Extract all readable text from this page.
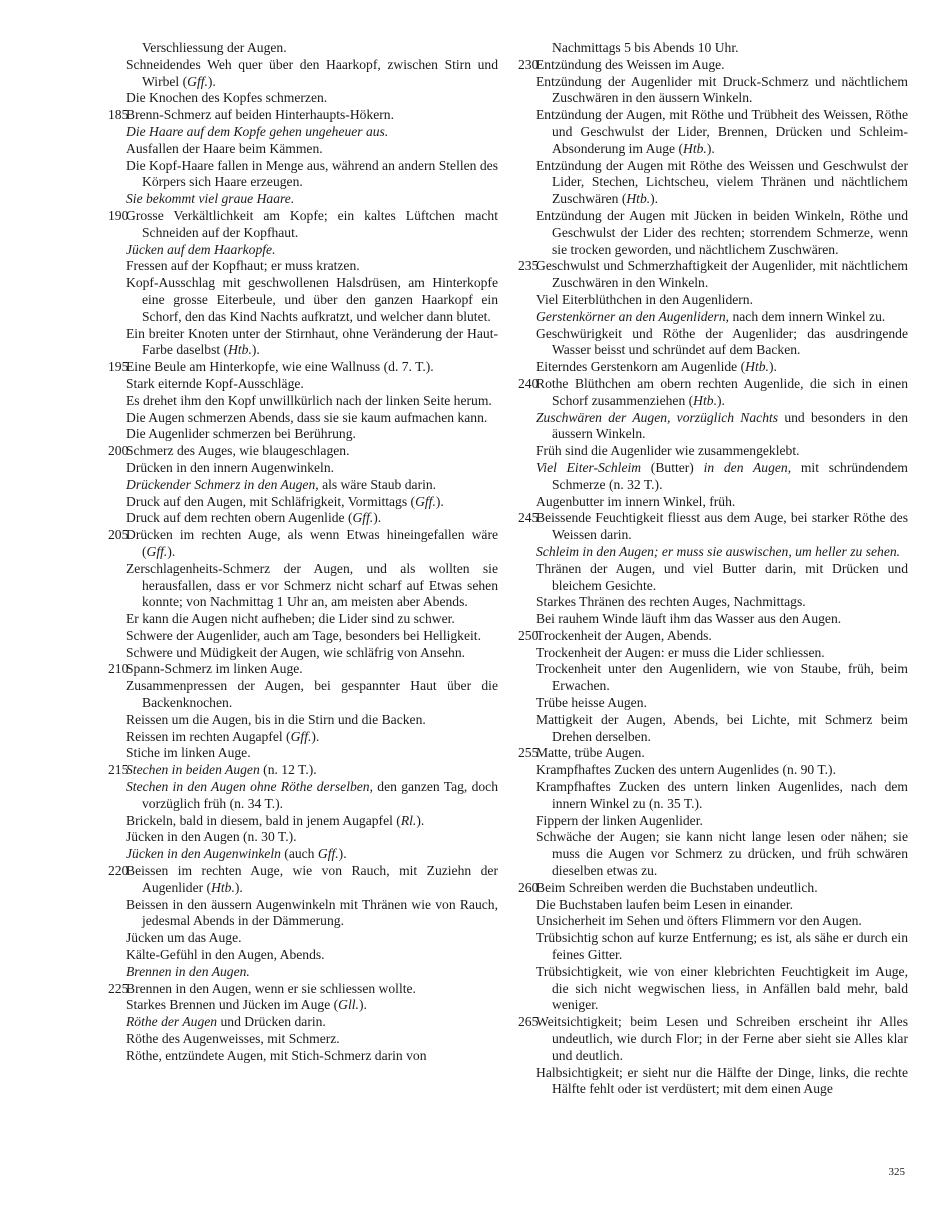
Verschliessung der Augen.
Schneidendes Weh quer über den Haarkopf, zwischen Stirn und Wirbel (Gff.).
Die Knochen des Kopfes schmerzen.
185
Brenn-Schmerz auf beiden Hinterhaupts-Hökern.
Die Haare auf dem Kopfe gehen ungeheuer aus.
Ausfallen der Haare beim Kämmen.
Die Kopf-Haare fallen in Menge aus, während an andern Stellen des Körpers sich Haare erzeugen.
Sie bekommt viel graue Haare.
190
Grosse Verkältlichkeit am Kopfe; ein kaltes Lüftchen macht Schneiden auf der Kopfhaut.
Jücken auf dem Haarkopfe.
Fressen auf der Kopfhaut; er muss kratzen.
Kopf-Ausschlag mit geschwollenen Halsdrüsen, am Hinterkopfe eine grosse Eiterbeule, und über den ganzen Haarkopf ein Schorf, den das Kind Nachts aufkratzt, und welcher dann blutet.
Ein breiter Knoten unter der Stirnhaut, ohne Veränderung der Haut-Farbe daselbst (Htb.).
195
Eine Beule am Hinterkopfe, wie eine Wallnuss (d. 7. T.).
Stark eiternde Kopf-Ausschläge.
Es drehet ihm den Kopf unwillkürlich nach der linken Seite herum.
Die Augen schmerzen Abends, dass sie sie kaum aufmachen kann.
Die Augenlider schmerzen bei Berührung.
200
Schmerz des Auges, wie blaugeschlagen.
Drücken in den innern Augenwinkeln.
Drückender Schmerz in den Augen, als wäre Staub darin.
Druck auf den Augen, mit Schläfrigkeit, Vormittags (Gff.).
Druck auf dem rechten obern Augenlide (Gff.).
205
Drücken im rechten Auge, als wenn Etwas hineingefallen wäre (Gff.).
Zerschlagenheits-Schmerz der Augen, und als wollten sie herausfallen, dass er vor Schmerz nicht scharf auf Etwas sehen konnte; von Nachmittag 1 Uhr an, am meisten aber Abends.
Er kann die Augen nicht aufheben; die Lider sind zu schwer.
Schwere der Augenlider, auch am Tage, besonders bei Helligkeit.
Schwere und Müdigkeit der Augen, wie schläfrig von Ansehn.
210
Spann-Schmerz im linken Auge.
Zusammenpressen der Augen, bei gespannter Haut über die Backenknochen.
Reissen um die Augen, bis in die Stirn und die Backen.
Reissen im rechten Augapfel (Gff.).
Stiche im linken Auge.
215
Stechen in beiden Augen (n. 12 T.).
Stechen in den Augen ohne Röthe derselben, den ganzen Tag, doch vorzüglich früh (n. 34 T.).
Brickeln, bald in diesem, bald in jenem Augapfel (Rl.).
Jücken in den Augen (n. 30 T.).
Jücken in den Augenwinkeln (auch Gff.).
220
Beissen im rechten Auge, wie von Rauch, mit Zuziehn der Augenlider (Htb.).
Beissen in den äussern Augenwinkeln mit Thränen wie von Rauch, jedesmal Abends in der Dämmerung.
Jücken um das Auge.
Kälte-Gefühl in den Augen, Abends.
Brennen in den Augen.
225
Brennen in den Augen, wenn er sie schliessen wollte.
Starkes Brennen und Jücken im Auge (Gll.).
Röthe der Augen und Drücken darin.
Röthe des Augenweisses, mit Schmerz.
Röthe, entzündete Augen, mit Stich-Schmerz darin von
Nachmittags 5 bis Abends 10 Uhr.
230
Entzündung des Weissen im Auge.
Entzündung der Augenlider mit Druck-Schmerz und nächtlichem Zuschwären in den äussern Winkeln.
Entzündung der Augen, mit Röthe und Trübheit des Weissen, Röthe und Geschwulst der Lider, Brennen, Drücken und Schleim-Absonderung im Auge (Htb.).
Entzündung der Augen mit Röthe des Weissen und Geschwulst der Lider, Stechen, Lichtscheu, vielem Thränen und nächtlichem Zuschwären (Htb.).
Entzündung der Augen mit Jücken in beiden Winkeln, Röthe und Geschwulst der Lider des rechten; storrendem Schmerze, wenn sie trocken geworden, und nächtlichem Zuschwären.
235
Geschwulst und Schmerzhaftigkeit der Augenlider, mit nächtlichem Zuschwären in den Winkeln.
Viel Eiterblüthchen in den Augenlidern.
Gerstenkörner an den Augenlidern, nach dem innern Winkel zu.
Geschwürigkeit und Röthe der Augenlider; das ausdringende Wasser beisst und schründet auf dem Backen.
Eiterndes Gerstenkorn am Augenlide (Htb.).
240
Rothe Blüthchen am obern rechten Augenlide, die sich in einen Schorf zusammenziehen (Htb.).
Zuschwären der Augen, vorzüglich Nachts und besonders in den äussern Winkeln.
Früh sind die Augenlider wie zusammengeklebt.
Viel Eiter-Schleim (Butter) in den Augen, mit schründendem Schmerze (n. 32 T.).
Augenbutter im innern Winkel, früh.
245
Beissende Feuchtigkeit fliesst aus dem Auge, bei starker Röthe des Weissen darin.
Schleim in den Augen; er muss sie auswischen, um heller zu sehen.
Thränen der Augen, und viel Butter darin, mit Drücken und bleichem Gesichte.
Starkes Thränen des rechten Auges, Nachmittags.
Bei rauhem Winde läuft ihm das Wasser aus den Augen.
250
Trockenheit der Augen, Abends.
Trockenheit der Augen: er muss die Lider schliessen.
Trockenheit unter den Augenlidern, wie von Staube, früh, beim Erwachen.
Trübe heisse Augen.
Mattigkeit der Augen, Abends, bei Lichte, mit Schmerz beim Drehen derselben.
255
Matte, trübe Augen.
Krampfhaftes Zucken des untern Augenlides (n. 90 T.).
Krampfhaftes Zucken des untern linken Augenlides, nach dem innern Winkel zu (n. 35 T.).
Fippern der linken Augenlider.
Schwäche der Augen; sie kann nicht lange lesen oder nähen; sie muss die Augen vor Schmerz zu drücken, und früh schwären dieselben etwas zu.
260
Beim Schreiben werden die Buchstaben undeutlich.
Die Buchstaben laufen beim Lesen in einander.
Unsicherheit im Sehen und öfters Flimmern vor den Augen.
Trübsichtig schon auf kurze Entfernung; es ist, als sähe er durch ein feines Gitter.
Trübsichtigkeit, wie von einer klebrichten Feuchtigkeit im Auge, die sich nicht wegwischen liess, in Anfällen bald mehr, bald weniger.
265
Weitsichtigkeit; beim Lesen und Schreiben erscheint ihr Alles undeutlich, wie durch Flor; in der Ferne aber sieht sie Alles klar und deutlich.
Halbsichtigkeit; er sieht nur die Hälfte der Dinge, links, die rechte Hälfte fehlt oder ist verdüstert; mit dem einen Auge
325
